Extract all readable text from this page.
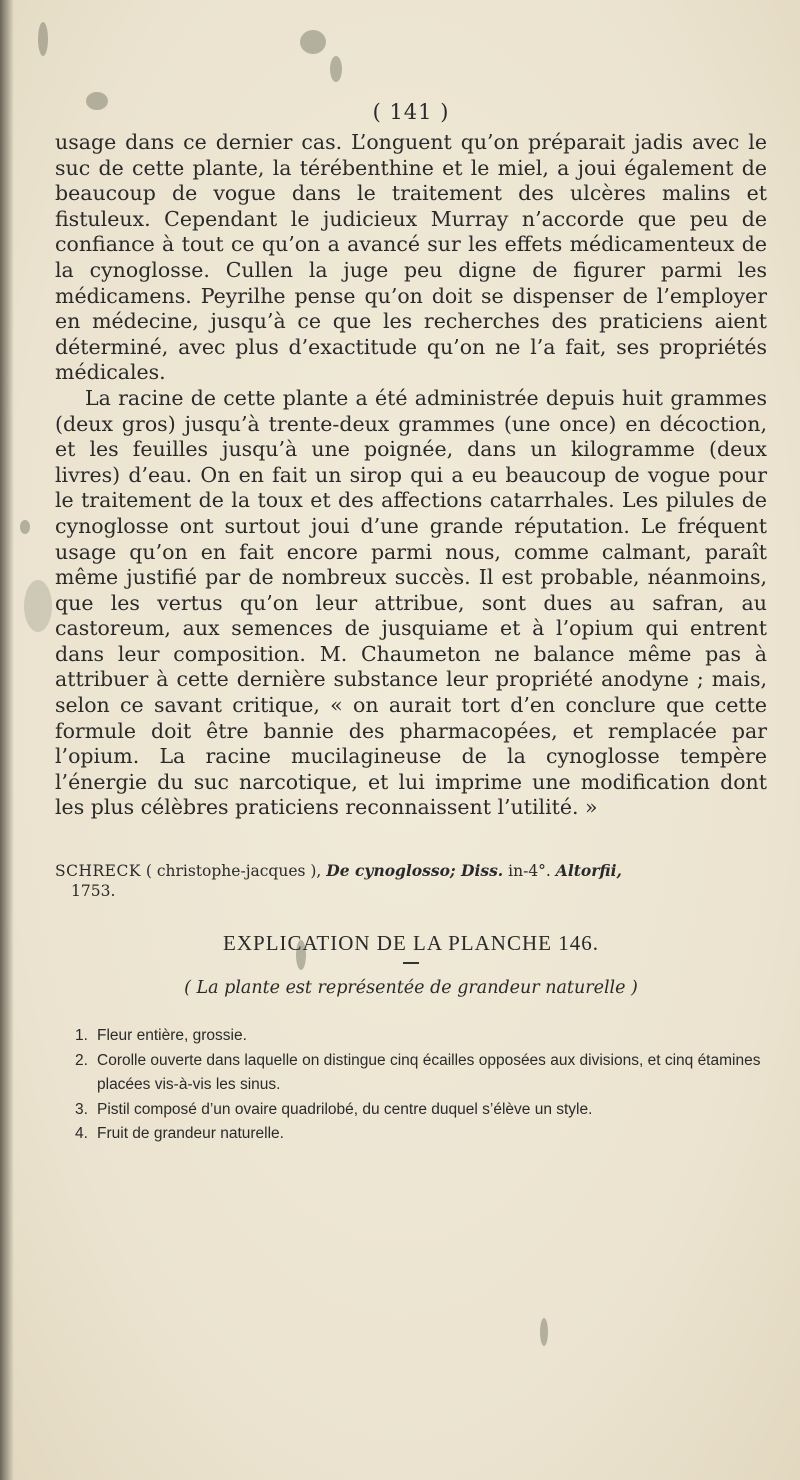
( 141 )

usage dans ce dernier cas. L’onguent qu’on préparait jadis avec le suc de cette plante, la térébenthine et le miel, a joui également de beaucoup de vogue dans le traitement des ulcères malins et fistuleux. Cependant le judicieux Murray n’accorde que peu de confiance à tout ce qu’on a avancé sur les effets médicamenteux de la cynoglosse. Cullen la juge peu digne de figurer parmi les médicamens. Peyrilhe pense qu’on doit se dispenser de l’employer en médecine, jusqu’à ce que les recherches des praticiens aient déterminé, avec plus d’exactitude qu’on ne l’a fait, ses propriétés médicales.

La racine de cette plante a été administrée depuis huit grammes (deux gros) jusqu’à trente-deux grammes (une once) en décoction, et les feuilles jusqu’à une poignée, dans un kilogramme (deux livres) d’eau. On en fait un sirop qui a eu beaucoup de vogue pour le traitement de la toux et des affections catarrhales. Les pilules de cynoglosse ont surtout joui d’une grande réputation. Le fréquent usage qu’on en fait encore parmi nous, comme calmant, paraît même justifié par de nombreux succès. Il est probable, néanmoins, que les vertus qu’on leur attribue, sont dues au safran, au castoreum, aux semences de jusquiame et à l’opium qui entrent dans leur composition. M. Chaumeton ne balance même pas à attribuer à cette dernière substance leur propriété anodyne ; mais, selon ce savant critique, « on aurait tort d’en conclure que cette formule doit être bannie des pharmacopées, et remplacée par l’opium. La racine mucilagineuse de la cynoglosse tempère l’énergie du suc narcotique, et lui imprime une modification dont les plus célèbres praticiens reconnaissent l’utilité. »

SCHRECK ( christophe-jacques ), De cynoglosso; Diss. in-4°. Altorfii,
1753.
EXPLICATION DE LA PLANCHE 146.
( La plante est représentée de grandeur naturelle )
1. Fleur entière, grossie.
2. Corolle ouverte dans laquelle on distingue cinq écailles opposées aux divisions, et cinq étamines placées vis-à-vis les sinus.
3. Pistil composé d’un ovaire quadrilobé, du centre duquel s’élève un style.
4. Fruit de grandeur naturelle.
